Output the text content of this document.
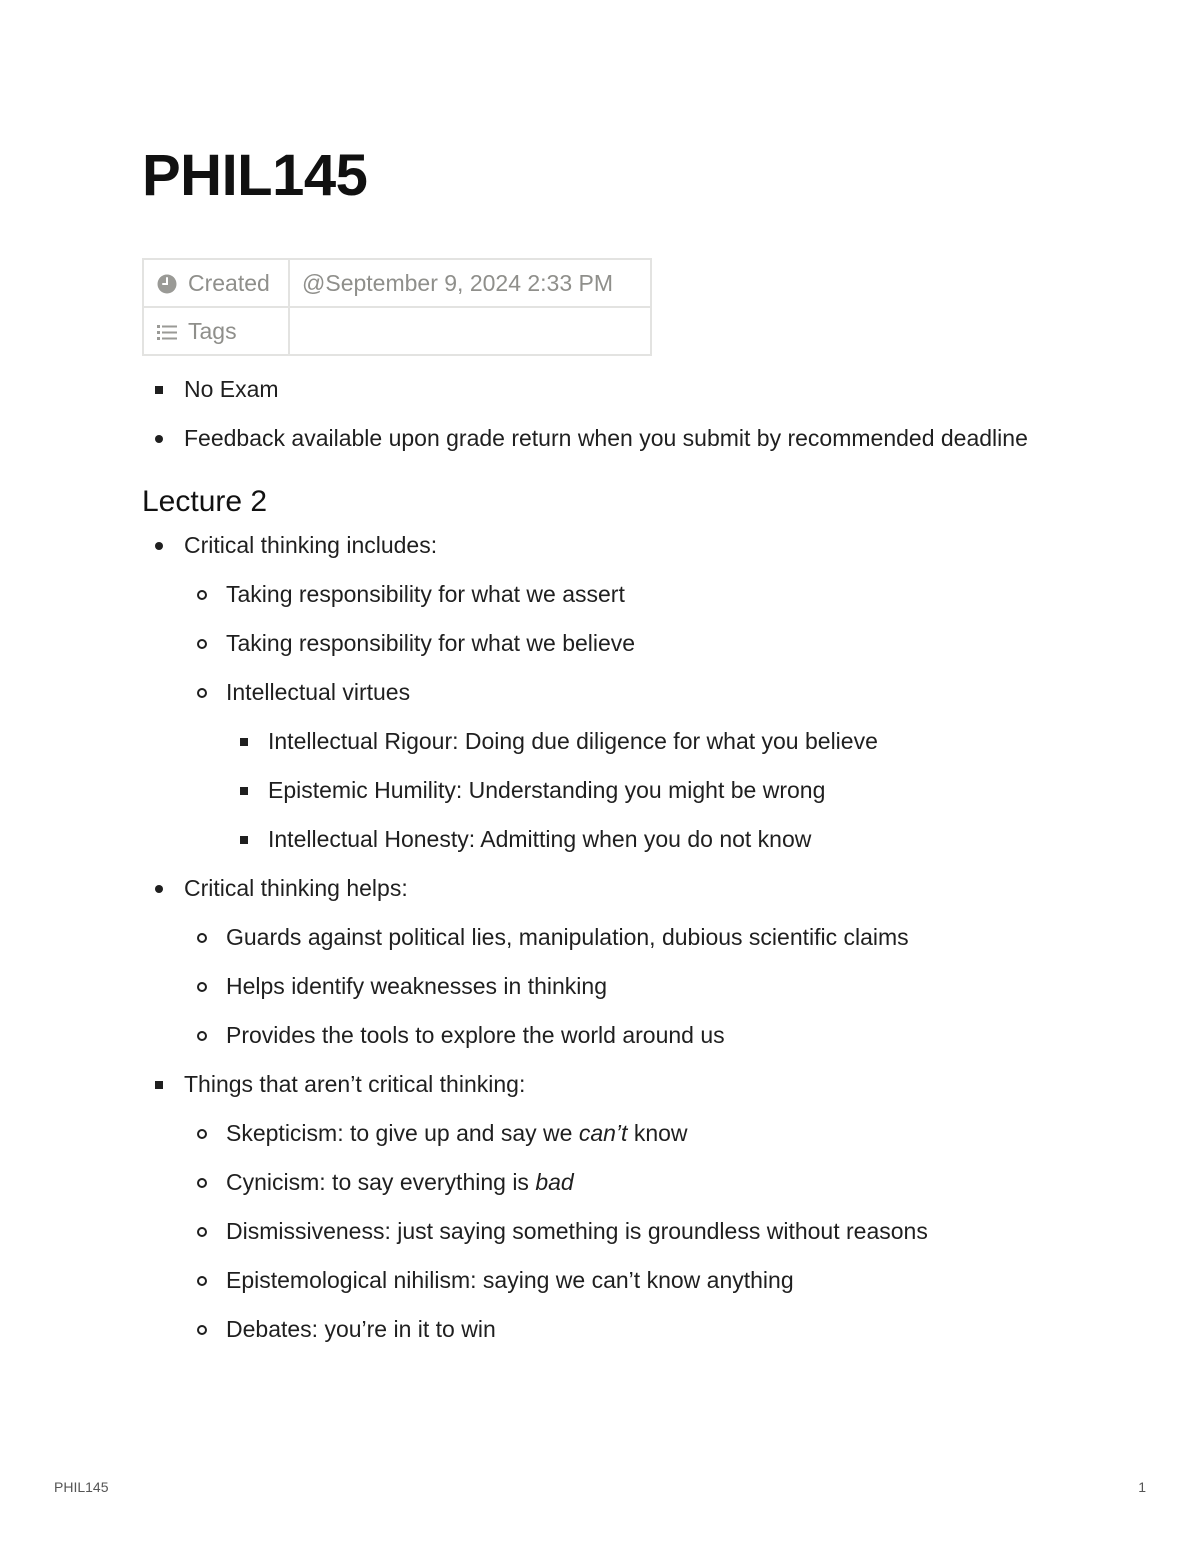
PHIL145
Created	@September 9, 2024 2:33 PM
Tags	
No Exam
Feedback available upon grade return when you submit by recommended deadline
Lecture 2
Critical thinking includes:
Taking responsibility for what we assert
Taking responsibility for what we believe
Intellectual virtues
Intellectual Rigour: Doing due diligence for what you believe
Epistemic Humility: Understanding you might be wrong
Intellectual Honesty: Admitting when you do not know
Critical thinking helps:
Guards against political lies, manipulation, dubious scientific claims
Helps identify weaknesses in thinking
Provides the tools to explore the world around us
Things that aren’t critical thinking:
Skepticism: to give up and say we can’t know
Cynicism: to say everything is bad
Dismissiveness: just saying something is groundless without reasons
Epistemological nihilism: saying we can’t know anything
Debates: you’re in it to win
PHIL145	1
